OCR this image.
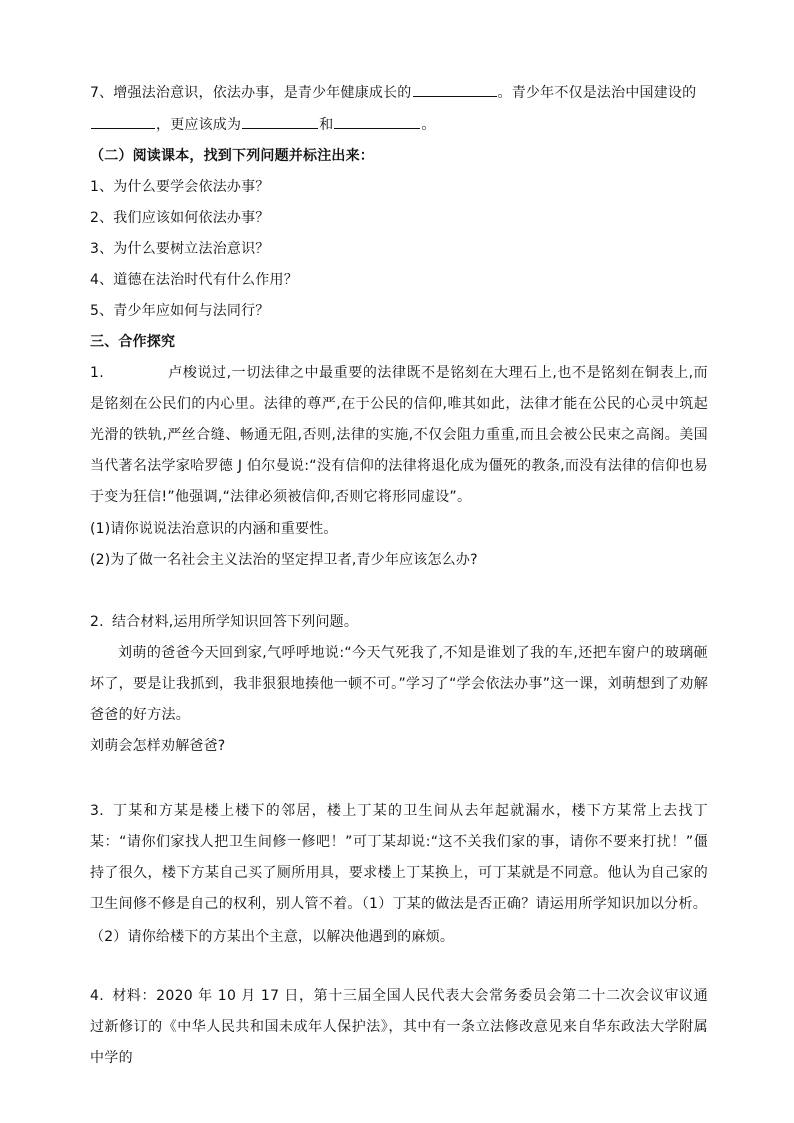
7、增强法治意识，依法办事，是青少年健康成长的	。青少年不仅是法治中国建设的
，更应该成为	和	。
（二）阅读课本，找到下列问题并标注出来：
1、为什么要学会依法办事？
2、我们应该如何依法办事？
3、为什么要树立法治意识？
4、道德在法治时代有什么作用？
5、青少年应如何与法同行？
三、合作探究
1.	卢梭说过,一切法律之中最重要的法律既不是铭刻在大理石上,也不是铭刻在铜表上,而是铭刻在公民们的内心里。法律的尊严,在于公民的信仰,唯其如此，法律才能在公民的心灵中筑起光滑的铁轨,严丝合缝、畅通无阻,否则,法律的实施,不仅会阻力重重,而且会被公民束之高阁。美国当代著名法学家哈罗德 J 伯尔曼说:“没有信仰的法律将退化成为僵死的教条,而没有法律的信仰也易于变为狂信!”他强调,“法律必须被信仰,否则它将形同虚设”。
(1)请你说说法治意识的内涵和重要性。
(2)为了做一名社会主义法治的坚定捍卫者,青少年应该怎么办?
2. 结合材料,运用所学知识回答下列问题。
刘萌的爸爸今天回到家,气呼呼地说:“今天气死我了,不知是谁划了我的车,还把车窗户的玻璃砸坏了，要是让我抓到，我非狠狠地揍他一顿不可。”学习了“学会依法办事”这一课，刘萌想到了劝解爸爸的好方法。
刘萌会怎样劝解爸爸?
3. 丁某和方某是楼上楼下的邻居，楼上丁某的卫生间从去年起就漏水，楼下方某常上去找丁某：“请你们家找人把卫生间修一修吧！”可丁某却说:“这不关我们家的事，请你不要来打扰！”僵持了很久，楼下方某自己买了厕所用具，要求楼上丁某换上，可丁某就是不同意。他认为自己家的卫生间修不修是自己的权利，别人管不着。（1）丁某的做法是否正确？请运用所学知识加以分析。
（2）请你给楼下的方某出个主意，以解决他遇到的麻烦。
4. 材料：2020 年 10 月 17 日，第十三届全国人民代表大会常务委员会第二十二次会议审议通过新修订的《中华人民共和国未成年人保护法》，其中有一条立法修改意见来自华东政法大学附属中学的
